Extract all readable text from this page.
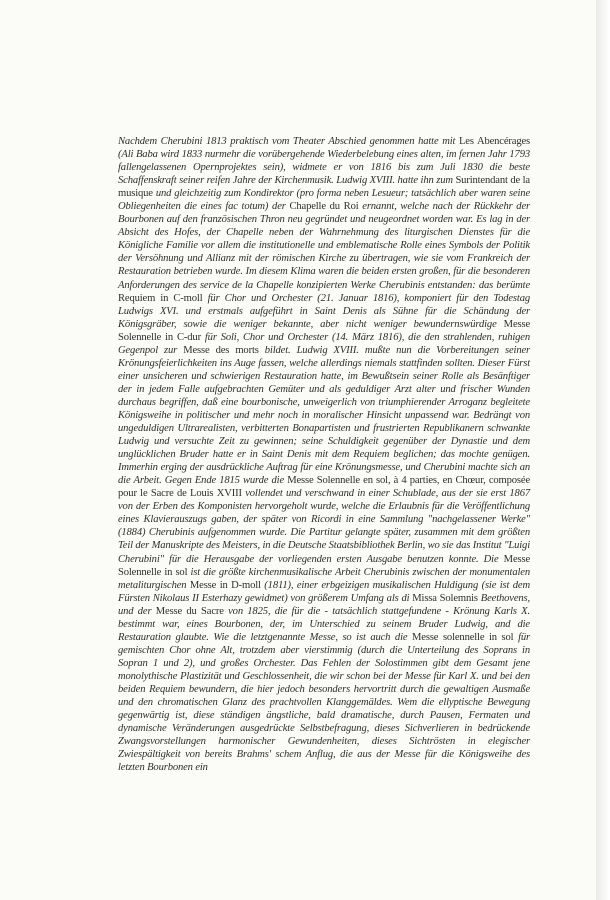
Nachdem Cherubini 1813 praktisch vom Theater Abschied genommen hatte mit Les Abencérages (Ali Baba wird 1833 nurmehr die vorübergehende Wiederbelebung eines alten, im fernen Jahr 1793 fallengelassenen Opernprojektes sein), widmete er von 1816 bis zum Juli 1830 die beste Schaffenskraft seiner reifen Jahre der Kirchenmusik. Ludwig XVIII. hatte ihn zum Surintendant de la musique und gleichzeitig zum Kondirektor (pro forma neben Lesueur; tatsächlich aber waren seine Obliegenheiten die eines fac totum) der Chapelle du Roi ernannt, welche nach der Rückkehr der Bourbonen auf den französischen Thron neu gegründet und neugeordnet worden war. Es lag in der Absicht des Hofes, der Chapelle neben der Wahrnehmung des liturgischen Dienstes für die Königliche Familie vor allem die institutionelle und emblematische Rolle eines Symbols der Politik der Versöhnung und Allianz mit der römischen Kirche zu übertragen, wie sie vom Frankreich der Restauration betrieben wurde. Im diesem Klima waren die beiden ersten großen, für die besonderen Anforderungen des service de la Chapelle konzipierten Werke Cherubinis entstanden: das berümte Requiem in C-moll für Chor und Orchester (21. Januar 1816), komponiert für den Todestag Ludwigs XVI. und erstmals aufgeführt in Saint Denis als Sühne für die Schändung der Königsgräber, sowie die weniger bekannte, aber nicht weniger bewundernswürdige Messe Solennelle in C-dur für Soli, Chor und Orchester (14. März 1816), die den strahlenden, ruhigen Gegenpol zur Messe des morts bildet. Ludwig XVIII. mußte nun die Vorbereitungen seiner Krönungsfeierlichkeiten ins Auge fassen, welche allerdings niemals stattfinden sollten. Dieser Fürst einer unsicheren und schwierigen Restauration hatte, im Bewußtsein seiner Rolle als Besänftiger der in jedem Falle aufgebrachten Gemüter und als geduldiger Arzt alter und frischer Wunden durchaus begriffen, daß eine bourbonische, unweigerlich von triumphierender Arroganz begleitete Königsweihe in politischer und mehr noch in moralischer Hinsicht unpassend war. Bedrängt von ungeduldigen Ultrarealisten, verbitterten Bonapartisten und frustrierten Republikanern schwankte Ludwig und versuchte Zeit zu gewinnen; seine Schuldigkeit gegenüber der Dynastie und dem unglücklichen Bruder hatte er in Saint Denis mit dem Requiem beglichen; das mochte genügen. Immerhin erging der ausdrückliche Auftrag für eine Krönungsmesse, und Cherubini machte sich an die Arbeit. Gegen Ende 1815 wurde die Messe Solennelle en sol, à 4 parties, en Chœur, composée pour le Sacre de Louis XVIII vollendet und verschwand in einer Schublade, aus der sie erst 1867 von der Erben des Komponisten hervorgeholt wurde, welche die Erlaubnis für die Veröffentlichung eines Klavierauszugs gaben, der später von Ricordi in eine Sammlung "nachgelassener Werke" (1884) Cherubinis aufgenommen wurde. Die Partitur gelangte später, zusammen mit dem größten Teil der Manuskripte des Meisters, in die Deutsche Staatsbibliothek Berlin, wo sie das Institut "Luigi Cherubini" für die Herausgabe der vorliegenden ersten Ausgabe benutzen konnte. Die Messe Solennelle in sol ist die größte kirchenmusikalische Arbeit Cherubinis zwischen der monumentalen metaliturgischen Messe in D-moll (1811), einer erbgeizigen musikalischen Huldigung (sie ist dem Fürsten Nikolaus II Esterhazy gewidmet) von größerem Umfang als di Missa Solemnis Beethovens, und der Messe du Sacre von 1825, die für die - tatsächlich stattgefundene - Krönung Karls X. bestimmt war, eines Bourbonen, der, im Unterschied zu seinem Bruder Ludwig, and die Restauration glaubte. Wie die letztgenannte Messe, so ist auch die Messe solennelle in sol für gemischten Chor ohne Alt, trotzdem aber vierstimmig (durch die Unterteilung des Soprans in Sopran 1 und 2), und großes Orchester. Das Fehlen der Solostimmen gibt dem Gesamt jene monolythische Plastizität und Geschlossenheit, die wir schon bei der Messe für Karl X. und bei den beiden Requiem bewundern, die hier jedoch besonders hervortritt durch die gewaltigen Ausmaße und den chromatischen Glanz des prachtvollen Klanggemäldes. Wem die ellyptische Bewegung gegenwärtig ist, diese ständigen ängstliche, bald dramatische, durch Pausen, Fermaten und dynamische Veränderungen ausgedrückte Selbstbefragung, dieses Sichverlieren in bedrückende Zwangsvorstellungen harmonischer Gewundenheiten, dieses Sichtrösten in elegischer Zwiespältigkeit von bereits Brahms' schem Anflug, die aus der Messe für die Königsweihe des letzten Bourbonen ein
